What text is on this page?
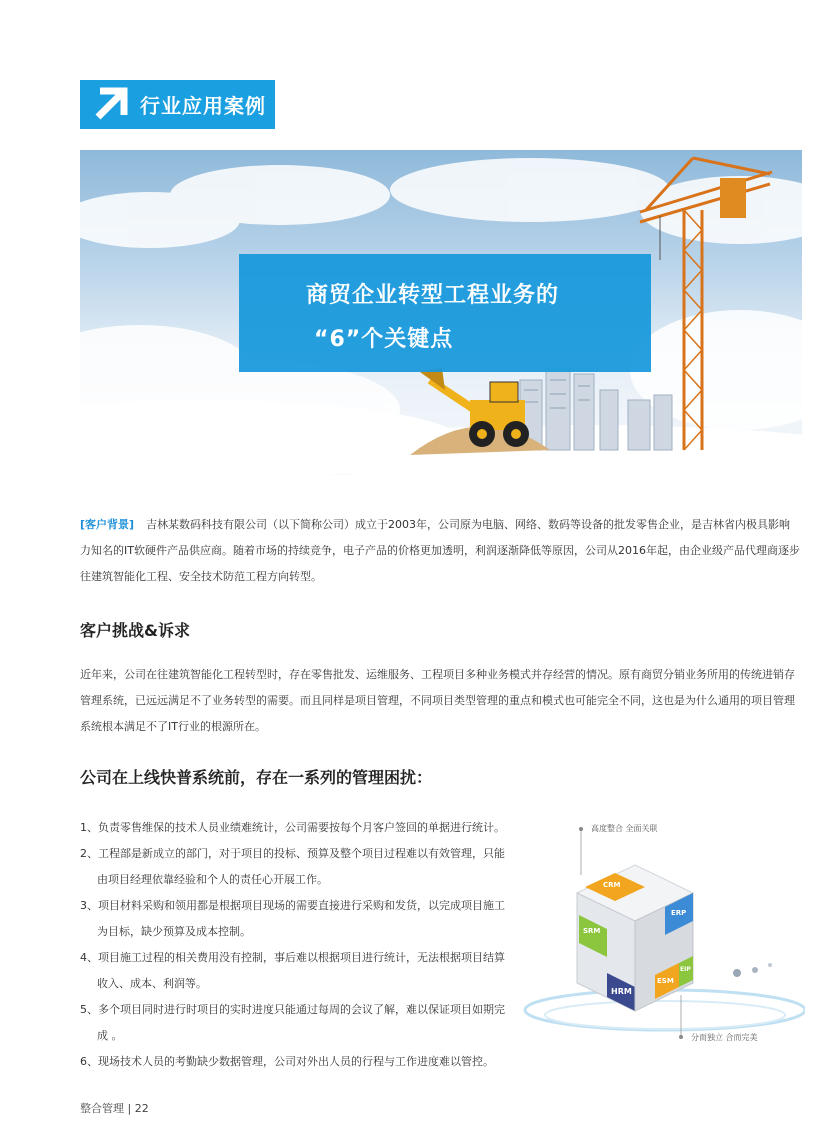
行业应用案例
商贸企业转型工程业务的
“6”个关键点

[客户背景] 吉林某数码科技有限公司（以下简称公司）成立于2003年，公司原为电脑、网络、数码等设备的批发零售企业，是吉林省内极具影响力知名的IT软硬件产品供应商。随着市场的持续竞争，电子产品的价格更加透明，利润逐渐降低等原因，公司从2016年起，由企业级产品代理商逐步往建筑智能化工程、安全技术防范工程方向转型。

客户挑战&诉求

近年来，公司在往建筑智能化工程转型时，存在零售批发、运维服务、工程项目多种业务模式并存经营的情况。原有商贸分销业务所用的传统进销存管理系统，已远远满足不了业务转型的需要。而且同样是项目管理，不同项目类型管理的重点和模式也可能完全不同，这也是为什么通用的项目管理系统根本满足不了IT行业的根源所在。

公司在上线快普系统前，存在一系列的管理困扰：
1、负责零售维保的技术人员业绩难统计，公司需要按每个月客户签回的单据进行统计。
2、工程部是新成立的部门，对于项目的投标、预算及整个项目过程难以有效管理，只能由项目经理依靠经验和个人的责任心开展工作。
3、项目材料采购和领用都是根据项目现场的需要直接进行采购和发货，以完成项目施工为目标，缺少预算及成本控制。
4、项目施工过程的相关费用没有控制，事后难以根据项目进行统计，无法根据项目结算收入、成本、利润等。
5、多个项目同时进行时项目的实时进度只能通过每周的会议了解，难以保证项目如期完成 。
6、现场技术人员的考勤缺少数据管理，公司对外出人员的行程与工作进度难以管控。
高度整合 全面关联
分而独立 合而完美
CRM
SRM
ERP
HRM
ESM
EIP
整合管理 | 22
